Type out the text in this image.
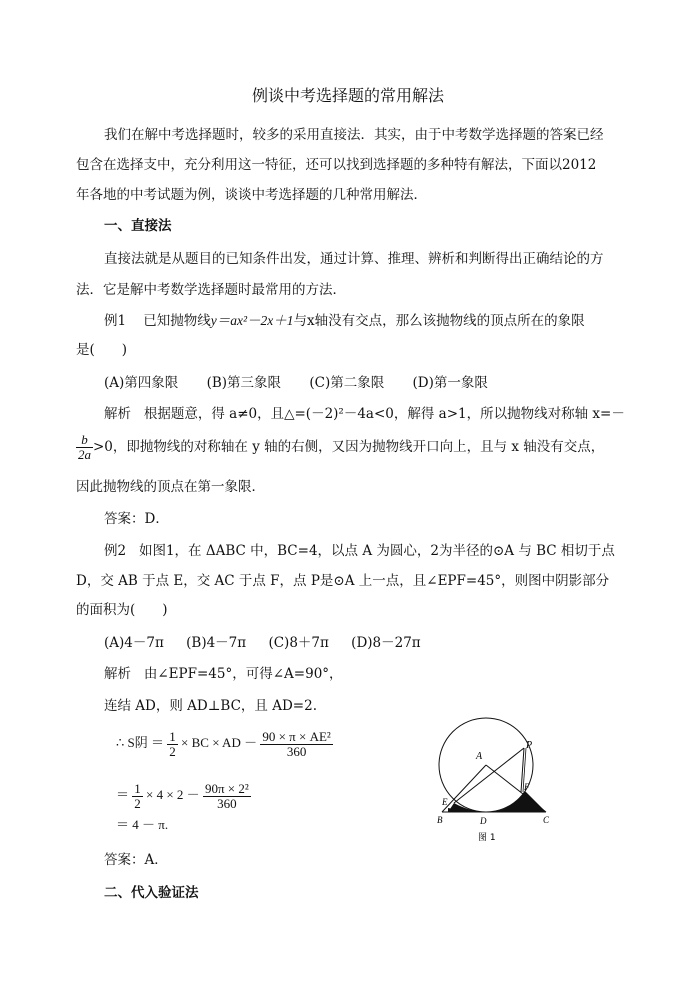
例谈中考选择题的常用解法
我们在解中考选择题时，较多的采用直接法．其实，由于中考数学选择题的答案已经
包含在选择支中，充分利用这一特征，还可以找到选择题的多种特有解法，下面以2012
年各地的中考试题为例，谈谈中考选择题的几种常用解法．
一、直接法
直接法就是从题目的已知条件出发，通过计算、推理、辨析和判断得出正确结论的方
法．它是解中考数学选择题时最常用的方法．
例1 已知抛物线y＝ax²－2x＋1与x轴没有交点，那么该抛物线的顶点所在的象限
是(　　)
(A)第四象限 (B)第三象限 (C)第二象限 (D)第一象限
解析 根据题意，得 a≠0，且△=(－2)²－4a<0，解得 a>1，所以抛物线对称轴 x=－
$\frac{b}{2a} >0$，即抛物线的对称轴在 y 轴的右侧，又因为抛物线开口向上，且与 x 轴没有交点，
因此抛物线的顶点在第一象限．
答案：D．
例2 如图1，在 ΔABC 中，BC=4，以点 A 为圆心，2为半径的⊙A 与 BC 相切于点
D，交 AB 于点 E，交 AC 于点 F，点 P是⊙A 上一点，且∠EPF=45°，则图中阴影部分
的面积为(　　)
(A)4－7π (B)4－7π (C)8＋7π (D)8－27π
解析 由∠EPF=45°，可得∠A=90°，
连结 AD，则 AD⊥BC，且 AD=2.
∴ S阴 ＝ $\frac{1}{2}$ × BC × AD － $\frac{\text{90 × π × AE²}}{360}$
＝ $\frac{1}{2} \times 4 \times 2 - \frac{\text{90π × 2²}}{360}$
＝ 4 － π.
答案：A．
二、代入验证法
A
P
F
E
B	D	C
图 1
